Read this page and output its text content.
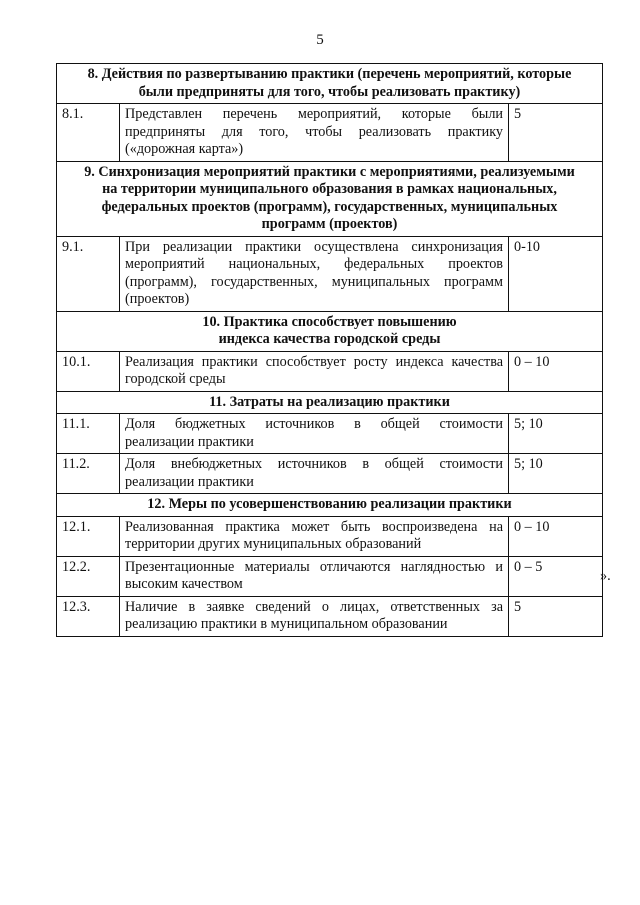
5
8. Действия по развертыванию практики (перечень мероприятий, которые
были предприняты для того, чтобы реализовать практику)		

8.1.	Представлен перечень мероприятий, которые были
предприняты для того, чтобы реализовать практику
(«дорожная карта»)	5

9. Синхронизация мероприятий практики с мероприятиями, реализуемыми
на территории муниципального образования в рамках национальных,
федеральных проектов (программ), государственных, муниципальных
программ (проектов)		

9.1.	При реализации практики осуществлена синхронизация
мероприятий национальных, федеральных проектов
(программ), государственных, муниципальных программ
(проектов)	0-10

10. Практика способствует повышению
индекса качества городской среды		

10.1.	Реализация практики способствует росту индекса качества
городской среды	0 – 10

11. Затраты на реализацию практики		

11.1.	Доля бюджетных источников в общей стоимости
реализации практики	5; 10
11.2.	Доля внебюджетных источников в общей стоимости
реализации практики	5; 10

12. Меры по усовершенствованию реализации практики		

12.1.	Реализованная практика может быть воспроизведена на
территории других муниципальных образований	0 – 10
12.2.	Презентационные материалы отличаются наглядностью и
высоким качеством	0 – 5
12.3.	Наличие в заявке сведений о лицах, ответственных за
реализацию практики в муниципальном образовании	5
».
